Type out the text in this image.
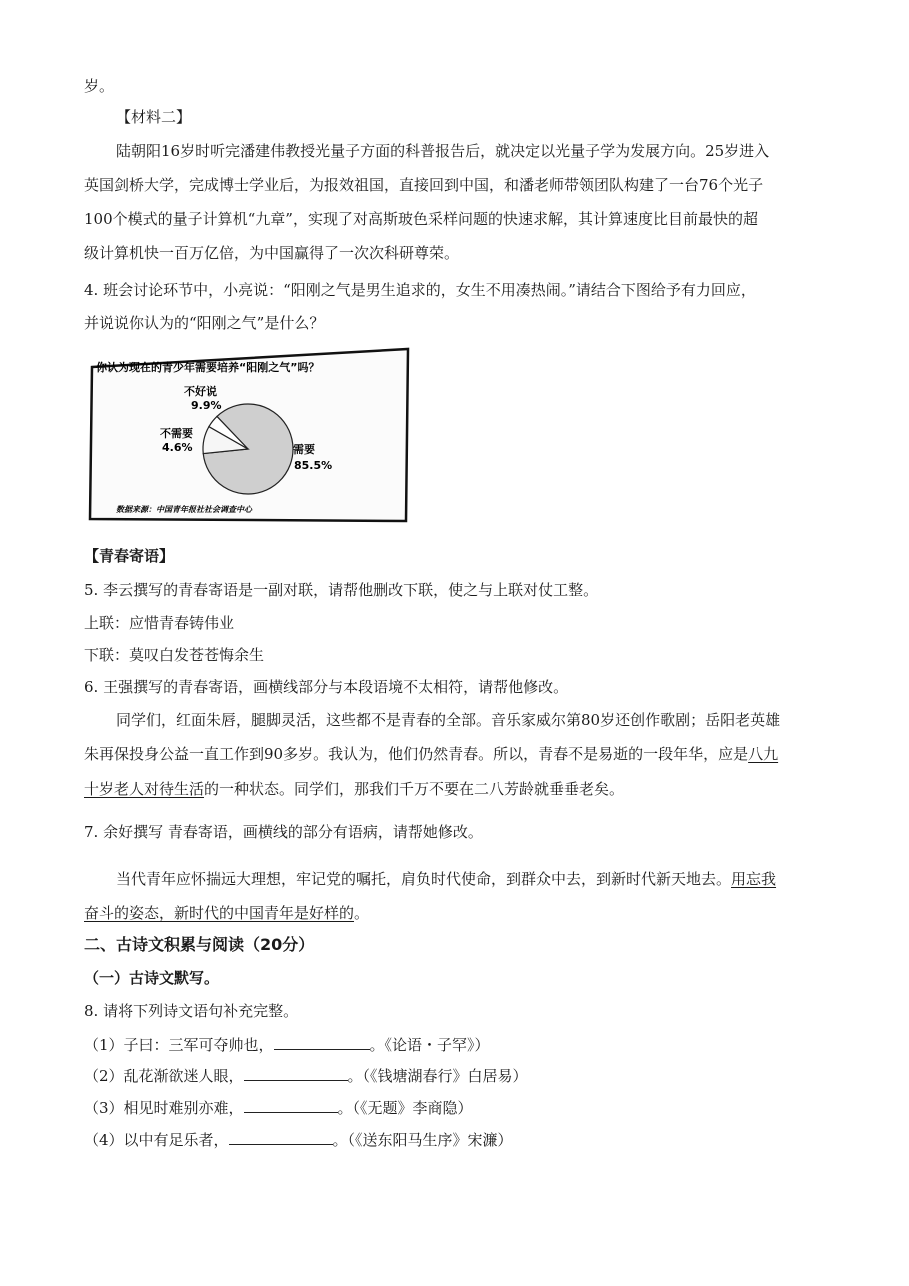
岁。
【材料二】
陆朝阳16岁时听完潘建伟教授光量子方面的科普报告后，就决定以光量子学为发展方向。25岁进入
英国剑桥大学，完成博士学业后，为报效祖国，直接回到中国，和潘老师带领团队构建了一台76个光子
100个模式的量子计算机“九章”，实现了对高斯玻色采样问题的快速求解，其计算速度比目前最快的超
级计算机快一百万亿倍，为中国赢得了一次次科研尊荣。
4. 班会讨论环节中，小亮说：“阳刚之气是男生追求的，女生不用凑热闹。”请结合下图给予有力回应，
并说说你认为的“阳刚之气”是什么？
你认为现在的青少年需要培养“阳刚之气”吗？
不好说
9.9%
不需要
4.6%	需要
85.5%
数据来源：中国青年报社社会调查中心
【青春寄语】
5. 李云撰写的青春寄语是一副对联，请帮他删改下联，使之与上联对仗工整。
上联：应惜青春铸伟业
下联：莫叹白发苍苍悔余生
6. 王强撰写的青春寄语，画横线部分与本段语境不太相符，请帮他修改。
同学们，红面朱唇，腿脚灵活，这些都不是青春的全部。音乐家威尔第80岁还创作歌剧；岳阳老英雄
朱再保投身公益一直工作到90多岁。我认为，他们仍然青春。所以，青春不是易逝的一段年华，应是八九
十岁老人对待生活的一种状态。同学们，那我们千万不要在二八芳龄就垂垂老矣。
7. 余好撰写 青春寄语，画横线的部分有语病，请帮她修改。
当代青年应怀揣远大理想，牢记党的嘱托，肩负时代使命，到群众中去，到新时代新天地去。用忘我
奋斗的姿态，新时代的中国青年是好样的。
二、古诗文积累与阅读（20分）
（一）古诗文默写。
8. 请将下列诗文语句补充完整。
（1）子曰：三军可夺帅也，	。《论语・子罕》）
（2）乱花渐欲迷人眼，	。（《钱塘湖春行》白居易）
（3）相见时难别亦难，	。（《无题》李商隐）
（4）以中有足乐者，	。（《送东阳马生序》宋濂）
